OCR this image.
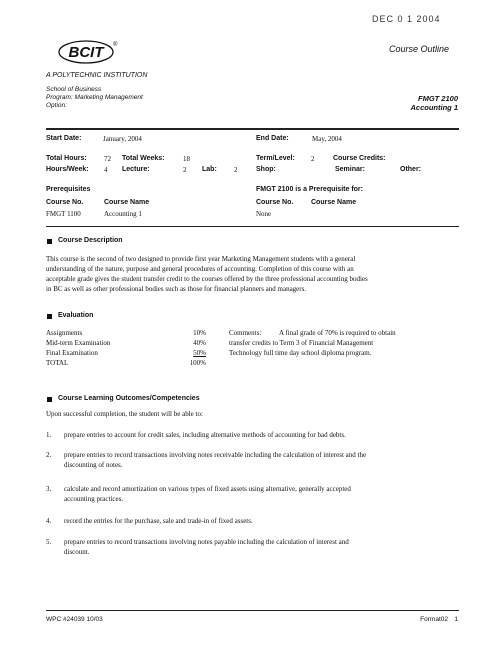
DEC 0 1 2004
Course Outline
BCIT	®
A POLYTECHNIC INSTITUTION
School of Business
Program: Marketing Management
Option:
FMGT 2100
Accounting 1
Start Date:	January, 2004	End Date:	May, 2004
Total Hours: 72 Total Weeks:	18	Term/Level: 2	Course Credits:
Hours/Week: 4 Lecture:	2 Lab: 2	Shop:	Seminar:	Other:
Prerequisites
Course No.	Course Name
FMGT 1100	Accounting 1
FMGT 2100 is a Prerequisite for:
Course No.	Course Name
None
Course Description
This course is the second of two designed to provide first year Marketing Management students with a general
understanding of the nature, purpose and general procedures of accounting. Completion of this course with an
acceptable grade gives the student transfer credit to the courses offered by the three professional accounting bodies
in BC as well as other professional bodies such as those for financial planners and managers.
Evaluation
Assignments	10%
Mid-term Examination	40%
Final Examination	50%
TOTAL	100%
Comments:	A final grade of 70% is required to obtain
transfer credits to Term 3 of Financial Management
Technology full time day school diploma program.
Course Learning Outcomes/Competencies
Upon successful completion, the student will be able to:
1. prepare entries to account for credit sales, including alternative methods of accounting for bad debts.
2. prepare entries to record transactions involving notes receivable including the calculation of interest and the
discounting of notes.
3. calculate and record amortization on various types of fixed assets using alternative, generally accepted
accounting practices.
4. record the entries for the purchase, sale and trade-in of fixed assets.
5. prepare entries to record transactions involving notes payable including the calculation of interest and
discount.
WPC #24039 10/03	Format02 1
